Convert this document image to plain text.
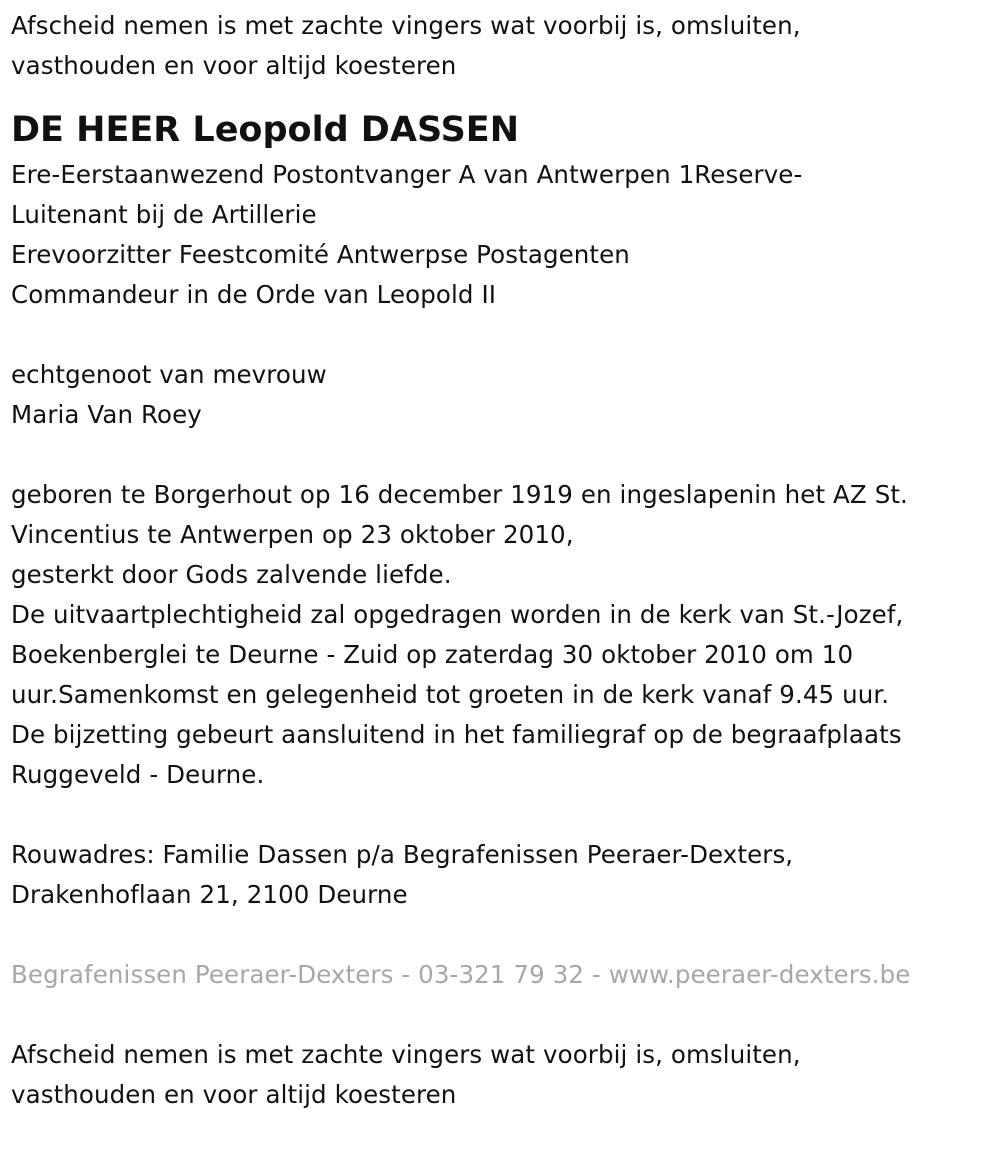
Afscheid nemen is met zachte vingers wat voorbij is, omsluiten,
vasthouden en voor altijd koesteren
DE HEER Leopold DASSEN
Ere-Eerstaanwezend Postontvanger A van Antwerpen 1Reserve-
Luitenant bij de Artillerie
Erevoorzitter Feestcomité Antwerpse Postagenten
Commandeur in de Orde van Leopold II
echtgenoot van mevrouw
Maria Van Roey
geboren te Borgerhout op 16 december 1919 en ingeslapenin het AZ St.
Vincentius te Antwerpen op 23 oktober 2010,
gesterkt door Gods zalvende liefde.
De uitvaartplechtigheid zal opgedragen worden in de kerk van St.-Jozef,
Boekenberglei te Deurne - Zuid op zaterdag 30 oktober 2010 om 10
uur.Samenkomst en gelegenheid tot groeten in de kerk vanaf 9.45 uur.
De bijzetting gebeurt aansluitend in het familiegraf op de begraafplaats
Ruggeveld - Deurne.
Rouwadres: Familie Dassen p/a Begrafenissen Peeraer-Dexters,
Drakenhoflaan 21, 2100 Deurne
Begrafenissen Peeraer-Dexters - 03-321 79 32 - www.peeraer-dexters.be
Afscheid nemen is met zachte vingers wat voorbij is, omsluiten,
vasthouden en voor altijd koesteren
